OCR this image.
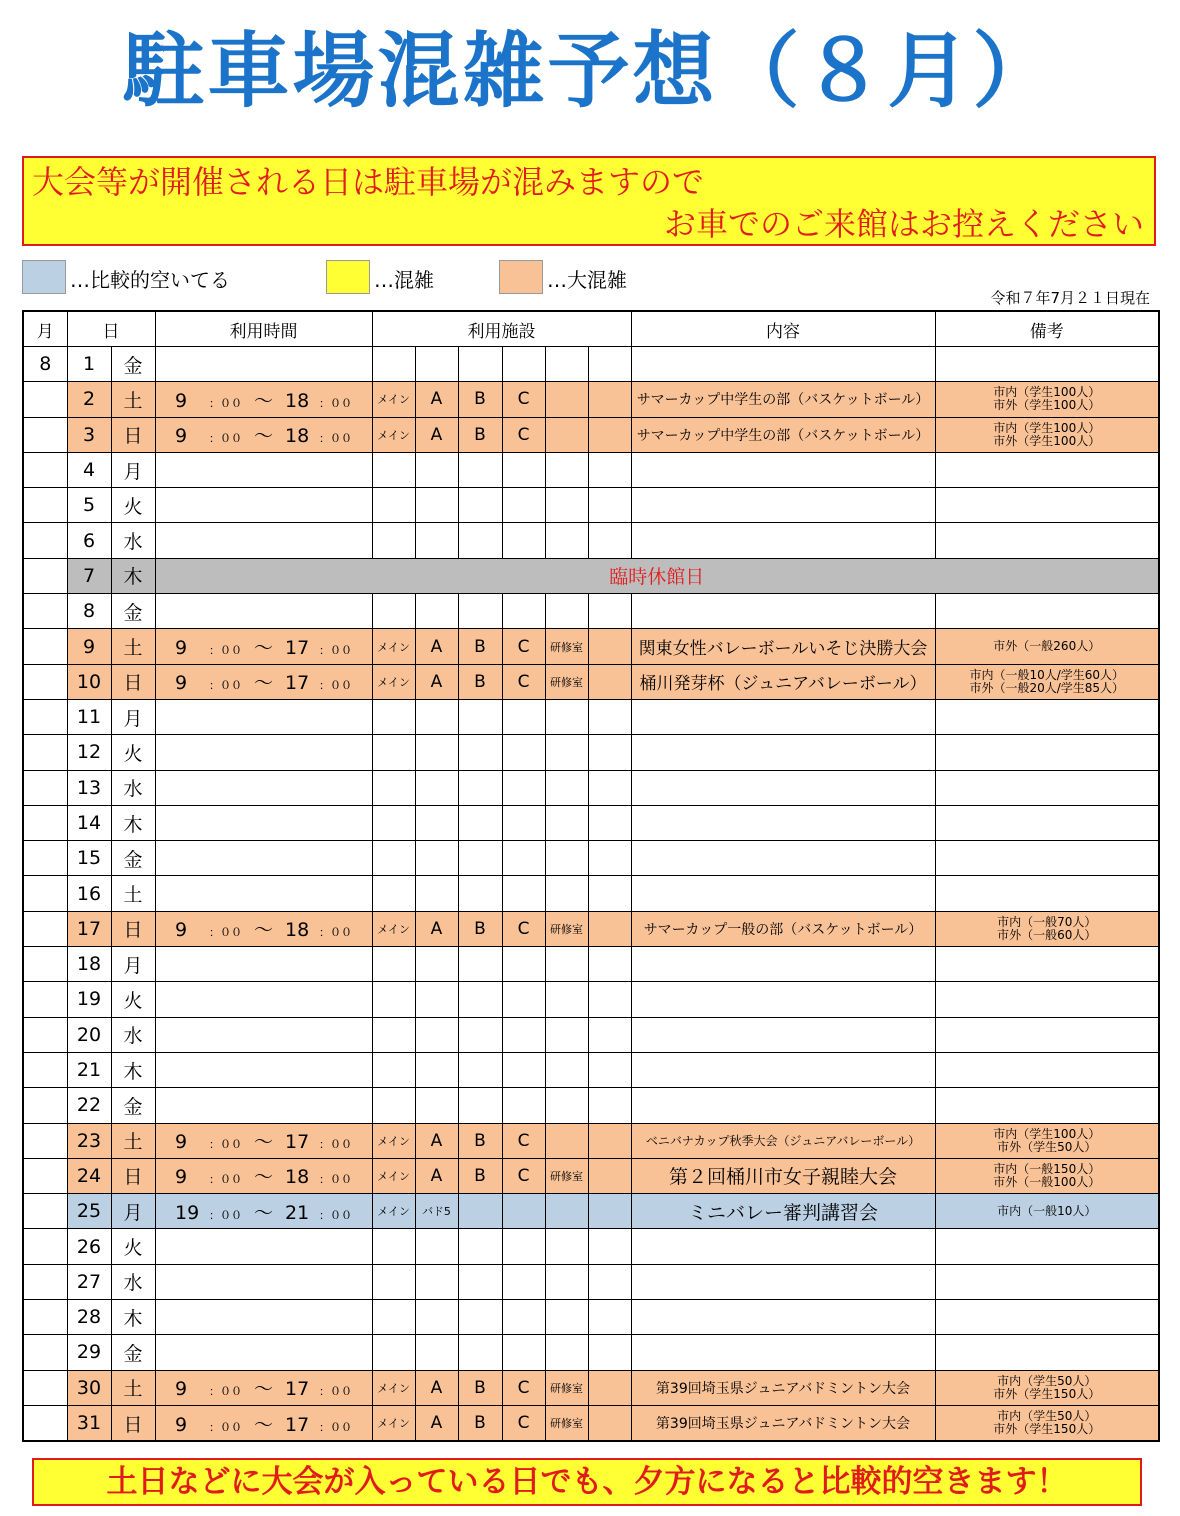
駐車場混雑予想（８月）
大会等が開催される日は駐車場が混みますので
お車でのご来館はお控えください
…比較的空いてる	…混雑	…大混雑
令和７年7月２１日現在
月	日		利用時間	利用施設						内容	備考
8	1	金									
	2	土	9 ：００ ～ 18 ：００	メイン	A	B	C			サマーカップ中学生の部（バスケットボール）	市内（学生100人）
市外（学生100人）
	3	日	9 ：００ ～ 18 ：００	メイン	A	B	C			サマーカップ中学生の部（バスケットボール）	市内（学生100人）
市外（学生100人）
	4	月									
	5	火									
	6	水									
	7	木	臨時休館日								
	8	金									
	9	土	9 ：００ ～ 17 ：００	メイン	A	B	C	研修室		関東女性バレーボールいそじ決勝大会	市外（一般260人）
	10	日	9 ：００ ～ 17 ：００	メイン	A	B	C	研修室		桶川発芽杯（ジュニアバレーボール）	市内（一般10人/学生60人）
市外（一般20人/学生85人）
	11	月									
	12	火									
	13	水									
	14	木									
	15	金									
	16	土									
	17	日	9 ：００ ～ 18 ：００	メイン	A	B	C	研修室		サマーカップ一般の部（バスケットボール）	市内（一般70人）
市外（一般60人）
	18	月									
	19	火									
	20	水									
	21	木									
	22	金									
	23	土	9 ：００ ～ 17 ：００	メイン	A	B	C			ベニバナカップ秋季大会（ジュニアバレーボール）	市内（学生100人）
市外（学生50人）
	24	日	9 ：００ ～ 18 ：００	メイン	A	B	C	研修室		第２回桶川市女子親睦大会	市内（一般150人）
市外（一般100人）
	25	月	19 ：００ ～ 21 ：００	メイン	バド5					ミニバレー審判講習会	市内（一般10人）
	26	火									
	27	水									
	28	木									
	29	金									
	30	土	9 ：００ ～ 17 ：００	メイン	A	B	C	研修室		第39回埼玉県ジュニアバドミントン大会	市内（学生50人）
市外（学生150人）
	31	日	9 ：００ ～ 17 ：００	メイン	A	B	C	研修室		第39回埼玉県ジュニアバドミントン大会	市内（学生50人）
市外（学生150人）
土日などに大会が入っている日でも、夕方になると比較的空きます！
